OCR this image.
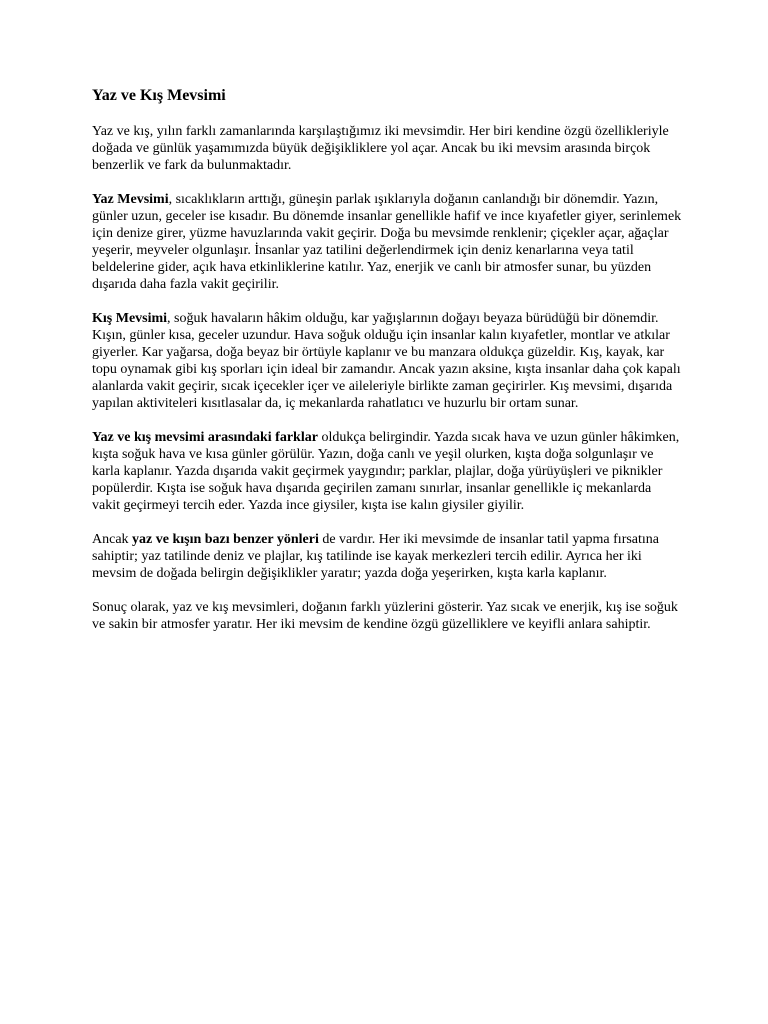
Yaz ve Kış Mevsimi

Yaz ve kış, yılın farklı zamanlarında karşılaştığımız iki mevsimdir. Her biri kendine özgü özellikleriyle doğada ve günlük yaşamımızda büyük değişikliklere yol açar. Ancak bu iki mevsim arasında birçok benzerlik ve fark da bulunmaktadır.

Yaz Mevsimi, sıcaklıkların arttığı, güneşin parlak ışıklarıyla doğanın canlandığı bir dönemdir. Yazın, günler uzun, geceler ise kısadır. Bu dönemde insanlar genellikle hafif ve ince kıyafetler giyer, serinlemek için denize girer, yüzme havuzlarında vakit geçirir. Doğa bu mevsimde renklenir; çiçekler açar, ağaçlar yeşerir, meyveler olgunlaşır. İnsanlar yaz tatilini değerlendirmek için deniz kenarlarına veya tatil beldelerine gider, açık hava etkinliklerine katılır. Yaz, enerjik ve canlı bir atmosfer sunar, bu yüzden dışarıda daha fazla vakit geçirilir.

Kış Mevsimi, soğuk havaların hâkim olduğu, kar yağışlarının doğayı beyaza bürüdüğü bir dönemdir. Kışın, günler kısa, geceler uzundur. Hava soğuk olduğu için insanlar kalın kıyafetler, montlar ve atkılar giyerler. Kar yağarsa, doğa beyaz bir örtüyle kaplanır ve bu manzara oldukça güzeldir. Kış, kayak, kar topu oynamak gibi kış sporları için ideal bir zamandır. Ancak yazın aksine, kışta insanlar daha çok kapalı alanlarda vakit geçirir, sıcak içecekler içer ve aileleriyle birlikte zaman geçirirler. Kış mevsimi, dışarıda yapılan aktiviteleri kısıtlasalar da, iç mekanlarda rahatlatıcı ve huzurlu bir ortam sunar.

Yaz ve kış mevsimi arasındaki farklar oldukça belirgindir. Yazda sıcak hava ve uzun günler hâkimken, kışta soğuk hava ve kısa günler görülür. Yazın, doğa canlı ve yeşil olurken, kışta doğa solgunlaşır ve karla kaplanır. Yazda dışarıda vakit geçirmek yaygındır; parklar, plajlar, doğa yürüyüşleri ve piknikler popülerdir. Kışta ise soğuk hava dışarıda geçirilen zamanı sınırlar, insanlar genellikle iç mekanlarda vakit geçirmeyi tercih eder. Yazda ince giysiler, kışta ise kalın giysiler giyilir.

Ancak yaz ve kışın bazı benzer yönleri de vardır. Her iki mevsimde de insanlar tatil yapma fırsatına sahiptir; yaz tatilinde deniz ve plajlar, kış tatilinde ise kayak merkezleri tercih edilir. Ayrıca her iki mevsim de doğada belirgin değişiklikler yaratır; yazda doğa yeşerirken, kışta karla kaplanır.

Sonuç olarak, yaz ve kış mevsimleri, doğanın farklı yüzlerini gösterir. Yaz sıcak ve enerjik, kış ise soğuk ve sakin bir atmosfer yaratır. Her iki mevsim de kendine özgü güzelliklere ve keyifli anlara sahiptir.
